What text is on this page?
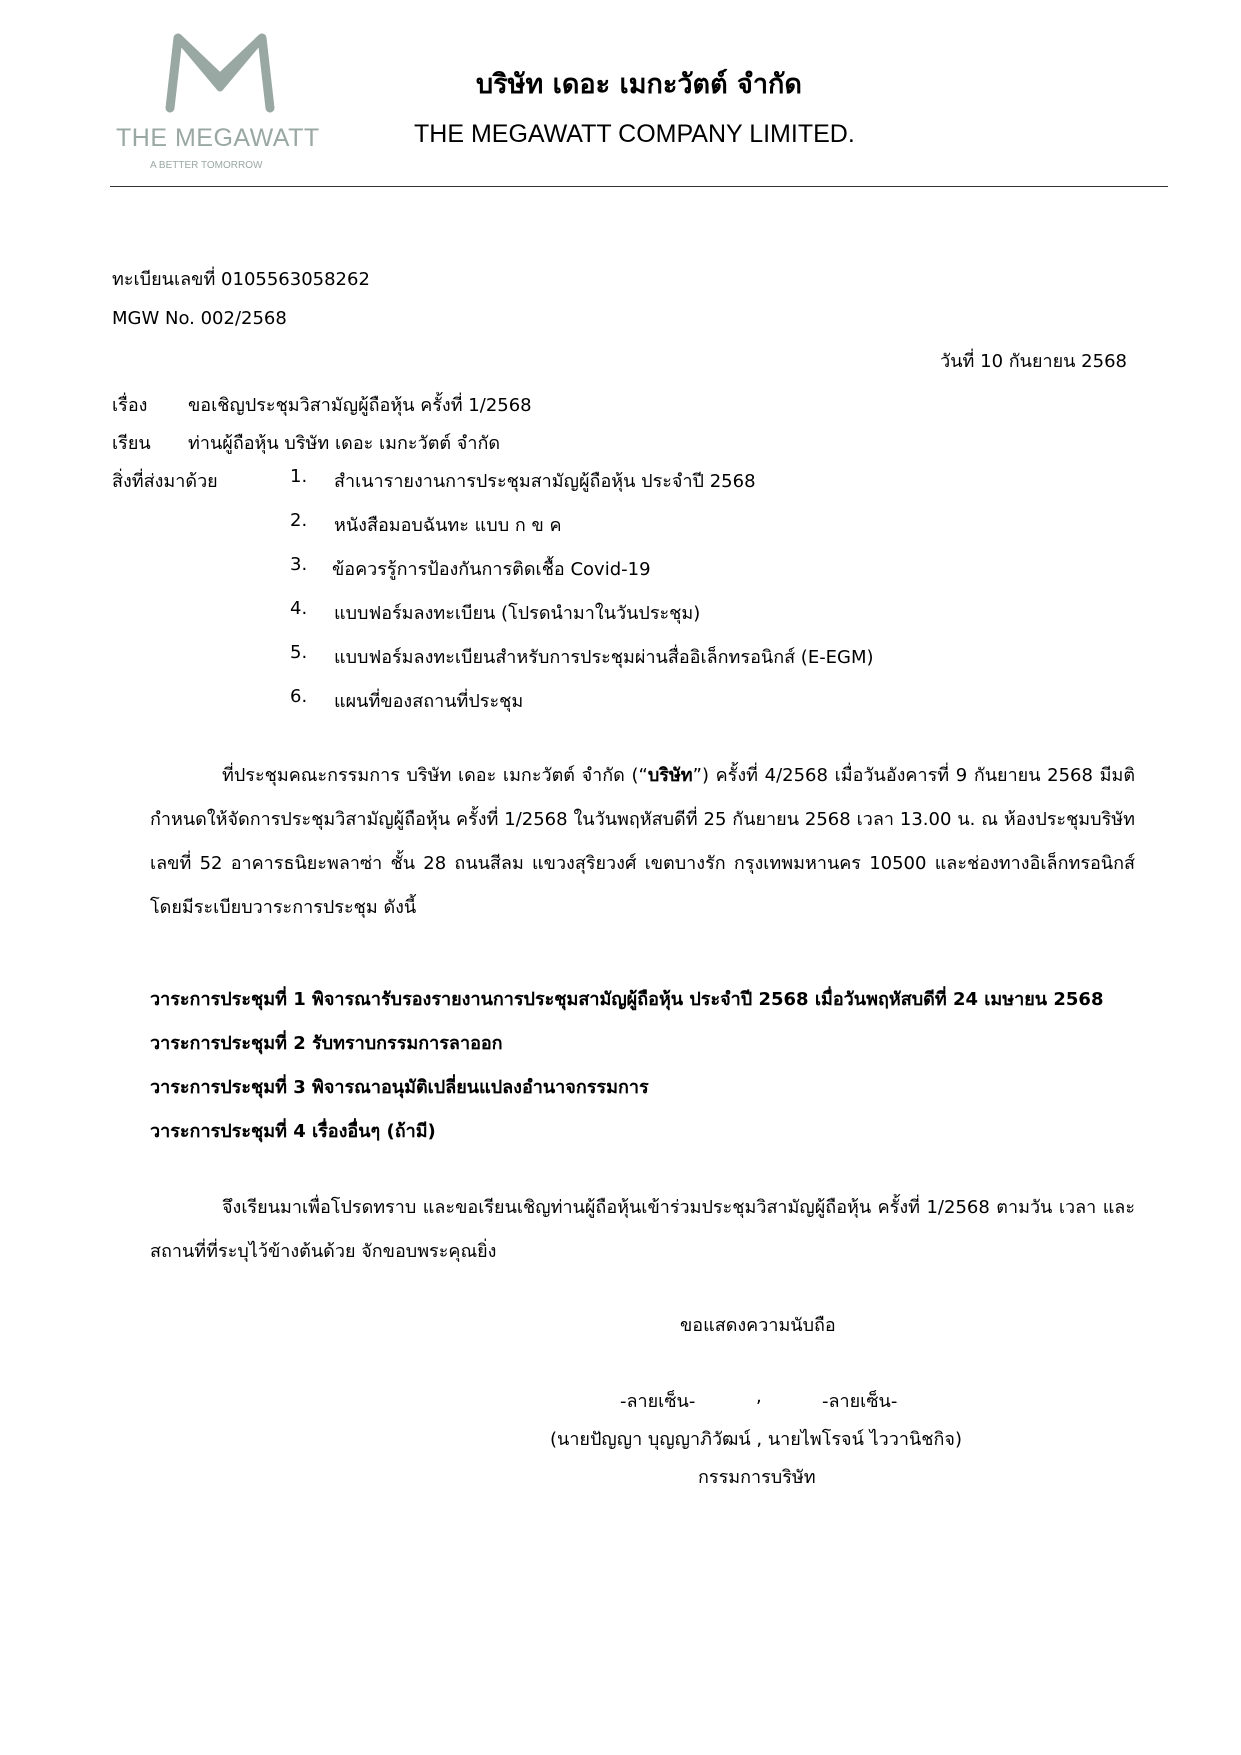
THE MEGAWATT
A BETTER TOMORROW
บริษัท เดอะ เมกะวัตต์ จำกัด
THE MEGAWATT COMPANY LIMITED.
ทะเบียนเลขที่ 0105563058262
MGW No. 002/2568
วันที่ 10 กันยายน 2568
เรื่อง ขอเชิญประชุมวิสามัญผู้ถือหุ้น ครั้งที่ 1/2568
เรียน ท่านผู้ถือหุ้น บริษัท เดอะ เมกะวัตต์ จำกัด
สิ่งที่ส่งมาด้วย	1. สำเนารายงานการประชุมสามัญผู้ถือหุ้น ประจำปี 2568
2. หนังสือมอบฉันทะ แบบ ก ข ค
3. ข้อควรรู้การป้องกันการติดเชื้อ Covid-19
4. แบบฟอร์มลงทะเบียน (โปรดนำมาในวันประชุม)
5. แบบฟอร์มลงทะเบียนสำหรับการประชุมผ่านสื่ออิเล็กทรอนิกส์ (E-EGM)
6. แผนที่ของสถานที่ประชุม
ที่ประชุมคณะกรรมการ บริษัท เดอะ เมกะวัตต์ จำกัด (“บริษัท”) ครั้งที่ 4/2568 เมื่อวันอังคารที่ 9 กันยายน 2568 มีมติกำหนดให้จัดการประชุมวิสามัญผู้ถือหุ้น ครั้งที่ 1/2568 ในวันพฤหัสบดีที่ 25 กันยายน 2568 เวลา 13.00 น. ณ ห้องประชุมบริษัท เลขที่ 52 อาคารธนิยะพลาซ่า ชั้น 28 ถนนสีลม แขวงสุริยวงศ์ เขตบางรัก กรุงเทพมหานคร 10500 และช่องทางอิเล็กทรอนิกส์ โดยมีระเบียบวาระการประชุม ดังนี้
วาระการประชุมที่ 1 พิจารณารับรองรายงานการประชุมสามัญผู้ถือหุ้น ประจำปี 2568 เมื่อวันพฤหัสบดีที่ 24 เมษายน 2568
วาระการประชุมที่ 2 รับทราบกรรมการลาออก
วาระการประชุมที่ 3 พิจารณาอนุมัติเปลี่ยนแปลงอำนาจกรรมการ
วาระการประชุมที่ 4 เรื่องอื่นๆ (ถ้ามี)
จึงเรียนมาเพื่อโปรดทราบ และขอเรียนเชิญท่านผู้ถือหุ้นเข้าร่วมประชุมวิสามัญผู้ถือหุ้น ครั้งที่ 1/2568 ตามวัน เวลา และสถานที่ที่ระบุไว้ข้างต้นด้วย จักขอบพระคุณยิ่ง
ขอแสดงความนับถือ
-ลายเซ็น-	,	-ลายเซ็น-
(นายปัญญา บุญญาภิวัฒน์ , นายไพโรจน์ ไววานิชกิจ)
กรรมการบริษัท
